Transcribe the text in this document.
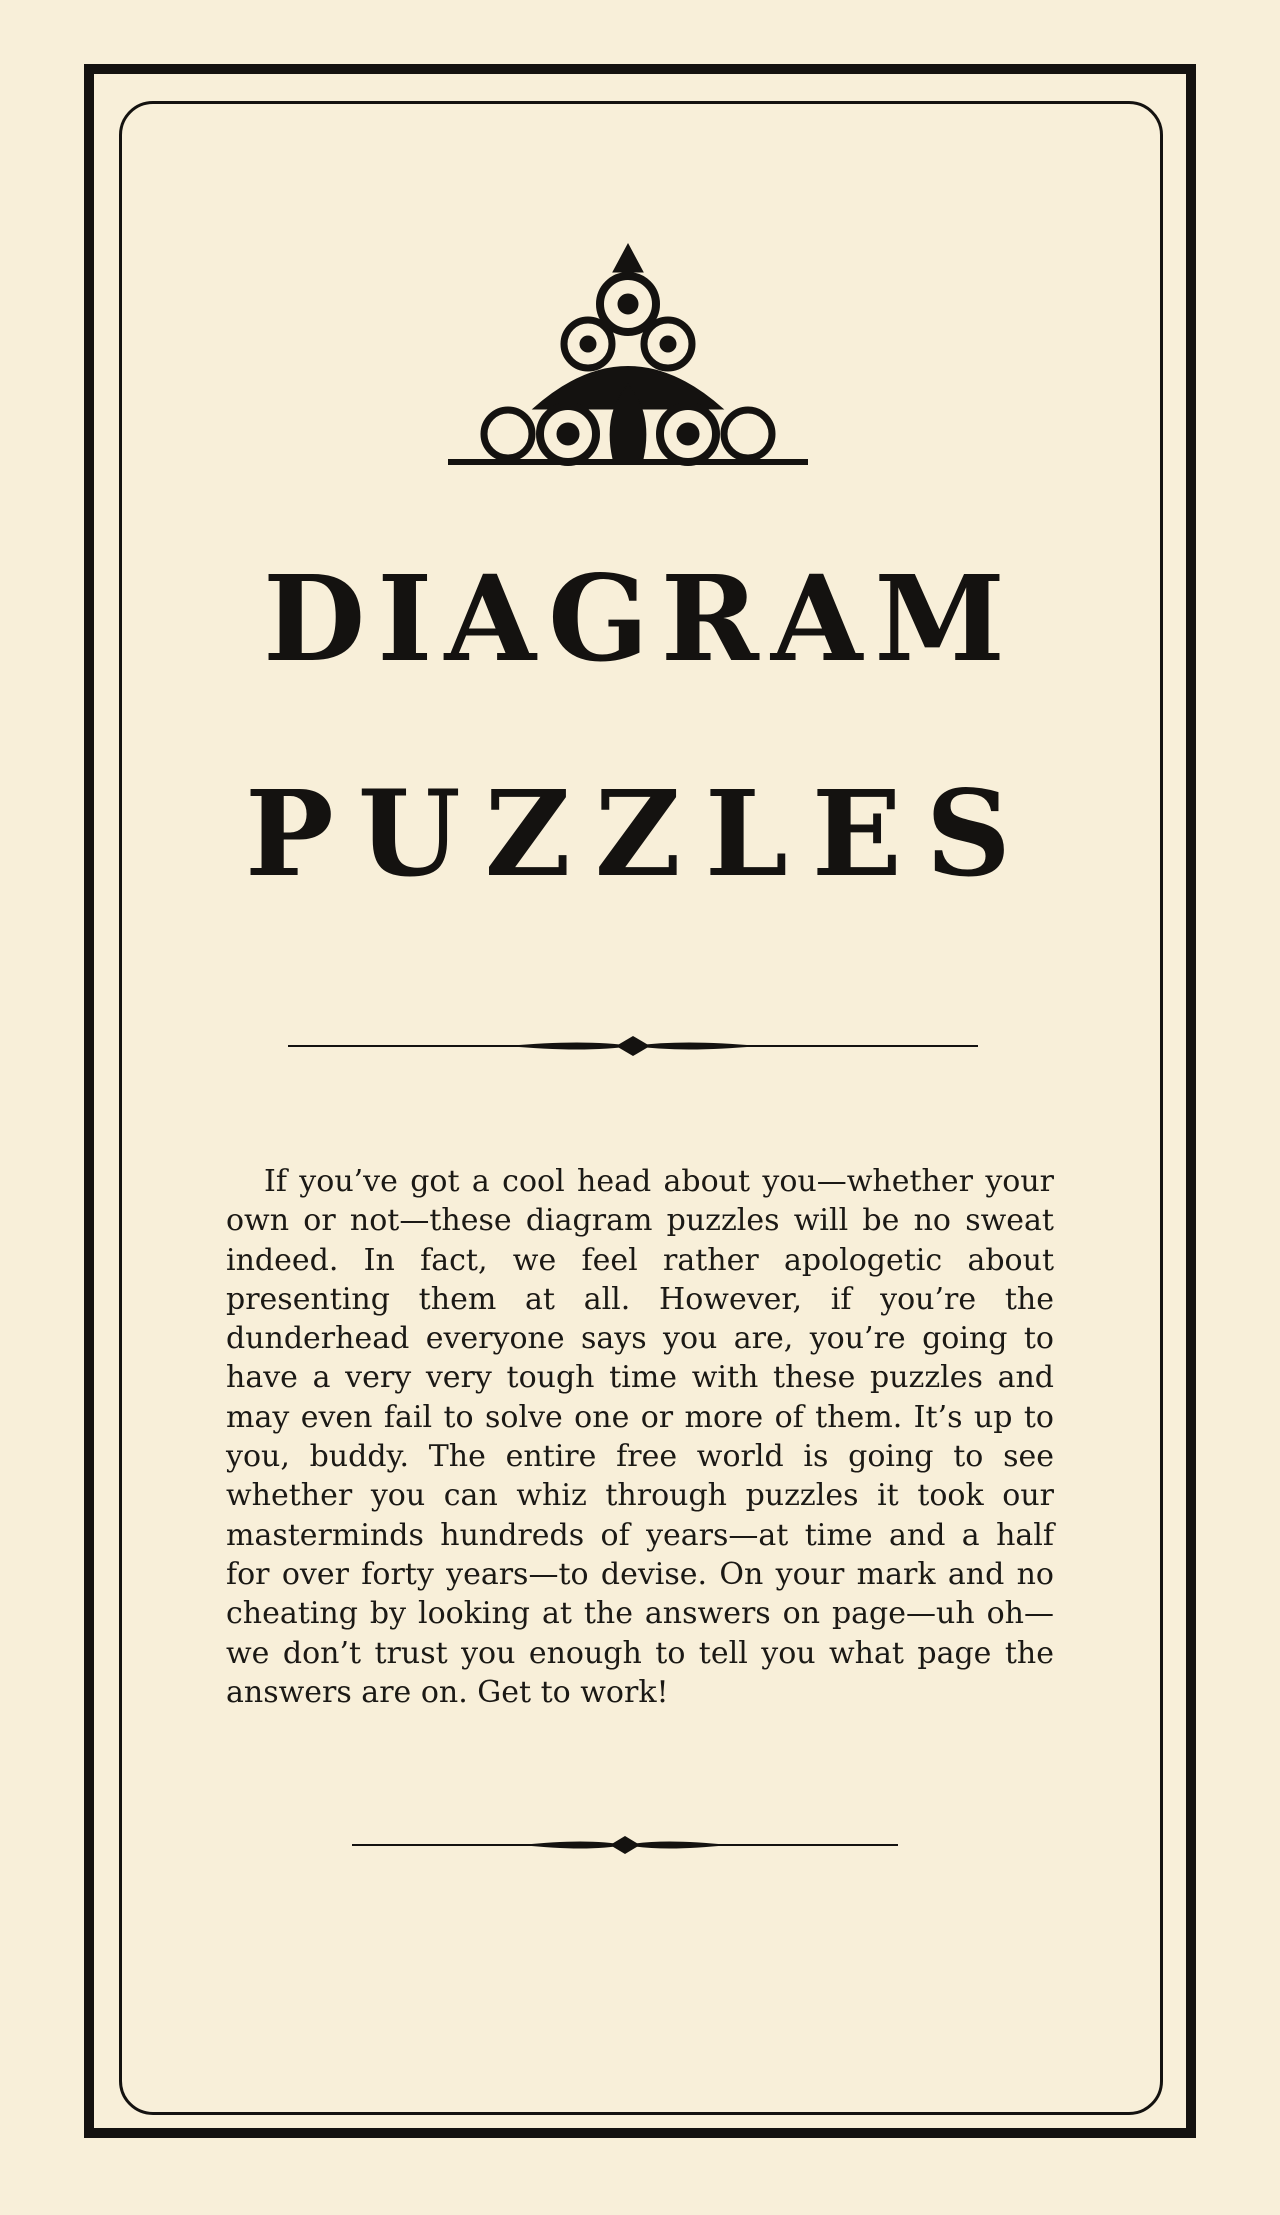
DIAGRAM
PUZZLES

If you’ve got a cool head about you—whether your own or not—these diagram puzzles will be no sweat indeed. In fact, we feel rather apologetic about presenting them at all. However, if you’re the dunderhead everyone says you are, you’re going to have a very very tough time with these puzzles and may even fail to solve one or more of them. It’s up to you, buddy. The entire free world is going to see whether you can whiz through puzzles it took our masterminds hundreds of years—at time and a half for over forty years—to devise. On your mark and no cheating by looking at the answers on page—uh oh—we don’t trust you enough to tell you what page the answers are on. Get to work!
